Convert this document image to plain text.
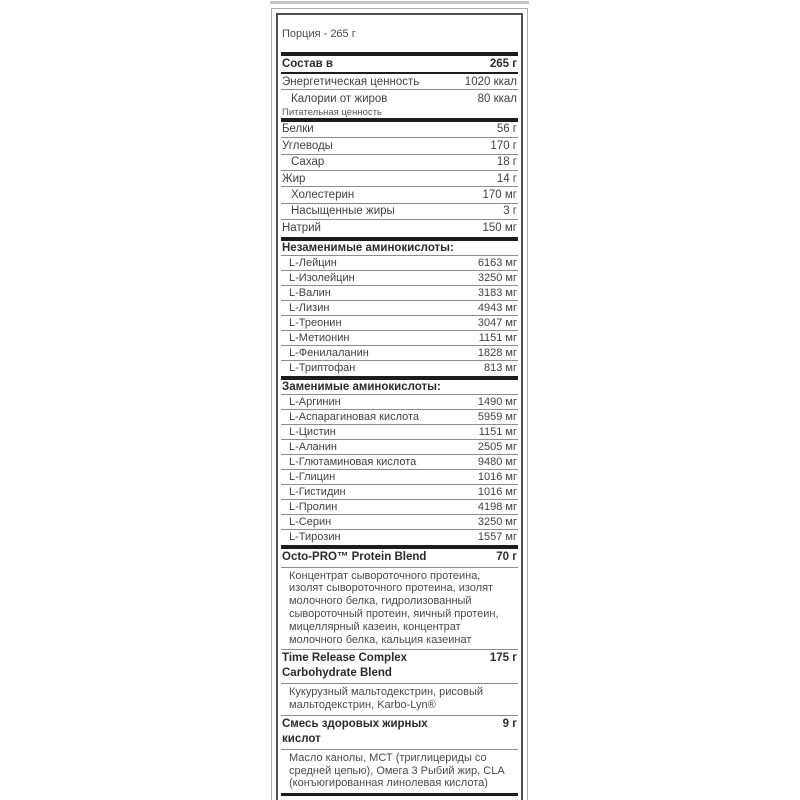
Порция - 265 г
Состав в	265 г
Энергетическая ценность	1020 ккал
Калории от жиров	80 ккал
Питательная ценность
Белки	56 г
Углеводы	170 г
Сахар	18 г
Жир	14 г
Холестерин	170 мг
Насыщенные жиры	3 г
Натрий	150 мг
Незаменимые аминокислоты:
L-Лейцин	6163 мг
L-Изолейцин	3250 мг
L-Валин	3183 мг
L-Лизин	4943 мг
L-Треонин	3047 мг
L-Метионин	1151 мг
L-Фенилаланин	1828 мг
L-Триптофан	813 мг
Заменимые аминокислоты:
L-Аргинин	1490 мг
L-Аспарагиновая кислота	5959 мг
L-Цистин	1151 мг
L-Аланин	2505 мг
L-Глютаминовая кислота	9480 мг
L-Глицин	1016 мг
L-Гистидин	1016 мг
L-Пролин	4198 мг
L-Серин	3250 мг
L-Тирозин	1557 мг
Octo-PRO™ Protein Blend	70 г
Концентрат сывороточного протеина, изолят сывороточного протеина, изолят молочного белка, гидролизованный сывороточный протеин, яичный протеин, мицеллярный казеин, концентрат молочного белка, кальция казеинат
Time Release Complex	175 г
Carbohydrate Blend
Кукурузный мальтодекстрин, рисовый мальтодекстрин, Karbo-Lyn®
Смесь здоровых жирных	9 г
кислот
Масло канолы, МСТ (триглицериды со средней цепью), Омега 3 Рыбий жир, CLA (конъюгированная линолевая кислота)
